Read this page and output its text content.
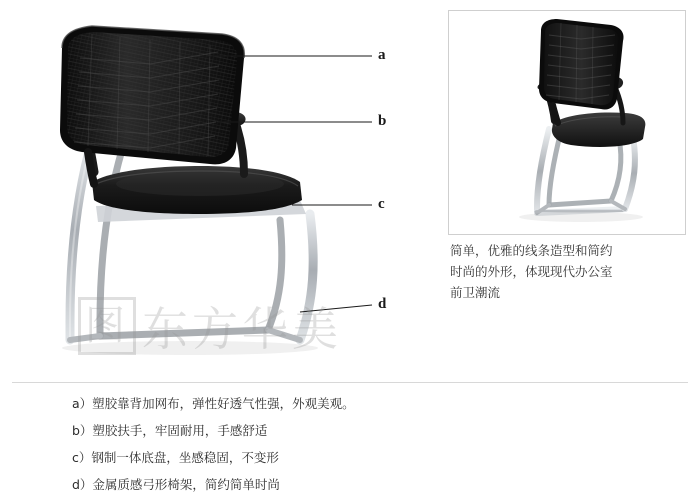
a
b
c
d
图 东方华美
简单，优雅的线条造型和简约
时尚的外形，体现现代办公室
前卫潮流
a）塑胶靠背加网布，弹性好透气性强，外观美观。
b）塑胶扶手，牢固耐用，手感舒适
c）钢制一体底盘，坐感稳固，不变形
d）金属质感弓形椅架，简约简单时尚
